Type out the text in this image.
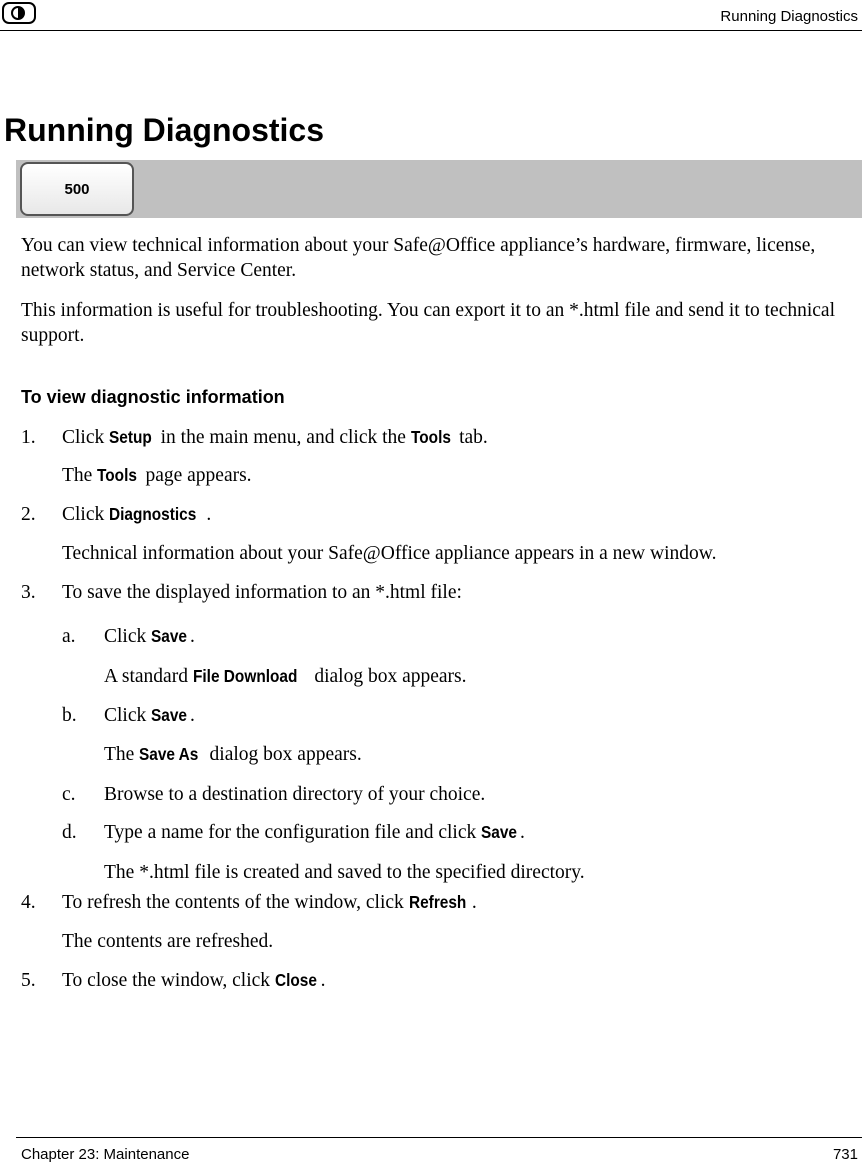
Running Diagnostics
Running Diagnostics
500
You can view technical information about your Safe@Office appliance’s hardware, firmware, license, network status, and Service Center.
This information is useful for troubleshooting. You can export it to an *.html file and send it to technical support.
To view diagnostic information
1. Click Setup in the main menu, and click the Tools tab.
The Tools page appears.
2. Click Diagnostics .
Technical information about your Safe@Office appliance appears in a new window.
3. To save the displayed information to an *.html file:
a. Click Save .
A standard File Download dialog box appears.
b. Click Save .
The Save As dialog box appears.
c. Browse to a destination directory of your choice.
d. Type a name for the configuration file and click Save .
The *.html file is created and saved to the specified directory.
4. To refresh the contents of the window, click Refresh .
The contents are refreshed.
5. To close the window, click Close .
Chapter 23: Maintenance	731
